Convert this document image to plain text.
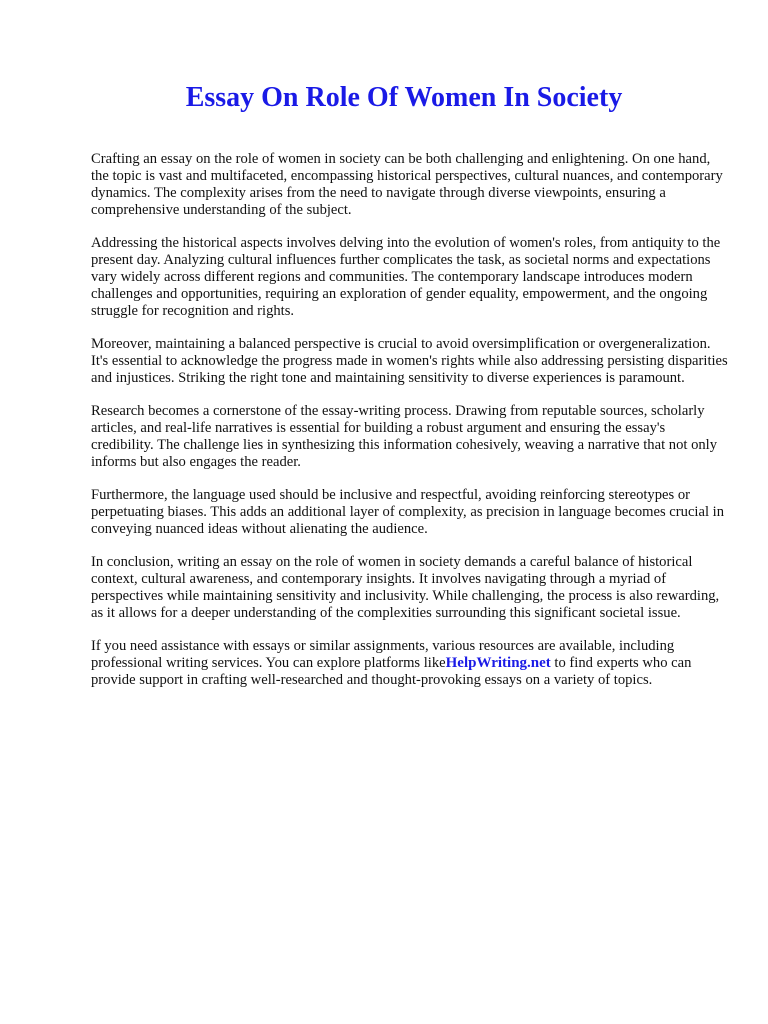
Essay On Role Of Women In Society

Crafting an essay on the role of women in society can be both challenging and enlightening. On one hand, the topic is vast and multifaceted, encompassing historical perspectives, cultural nuances, and contemporary dynamics. The complexity arises from the need to navigate through diverse viewpoints, ensuring a comprehensive understanding of the subject.

Addressing the historical aspects involves delving into the evolution of women's roles, from antiquity to the present day. Analyzing cultural influences further complicates the task, as societal norms and expectations vary widely across different regions and communities. The contemporary landscape introduces modern challenges and opportunities, requiring an exploration of gender equality, empowerment, and the ongoing struggle for recognition and rights.

Moreover, maintaining a balanced perspective is crucial to avoid oversimplification or overgeneralization. It's essential to acknowledge the progress made in women's rights while also addressing persisting disparities and injustices. Striking the right tone and maintaining sensitivity to diverse experiences is paramount.

Research becomes a cornerstone of the essay-writing process. Drawing from reputable sources, scholarly articles, and real-life narratives is essential for building a robust argument and ensuring the essay's credibility. The challenge lies in synthesizing this information cohesively, weaving a narrative that not only informs but also engages the reader.

Furthermore, the language used should be inclusive and respectful, avoiding reinforcing stereotypes or perpetuating biases. This adds an additional layer of complexity, as precision in language becomes crucial in conveying nuanced ideas without alienating the audience.

In conclusion, writing an essay on the role of women in society demands a careful balance of historical context, cultural awareness, and contemporary insights. It involves navigating through a myriad of perspectives while maintaining sensitivity and inclusivity. While challenging, the process is also rewarding, as it allows for a deeper understanding of the complexities surrounding this significant societal issue.

If you need assistance with essays or similar assignments, various resources are available, including professional writing services. You can explore platforms likeHelpWriting.net to find experts who can provide support in crafting well-researched and thought-provoking essays on a variety of topics.
